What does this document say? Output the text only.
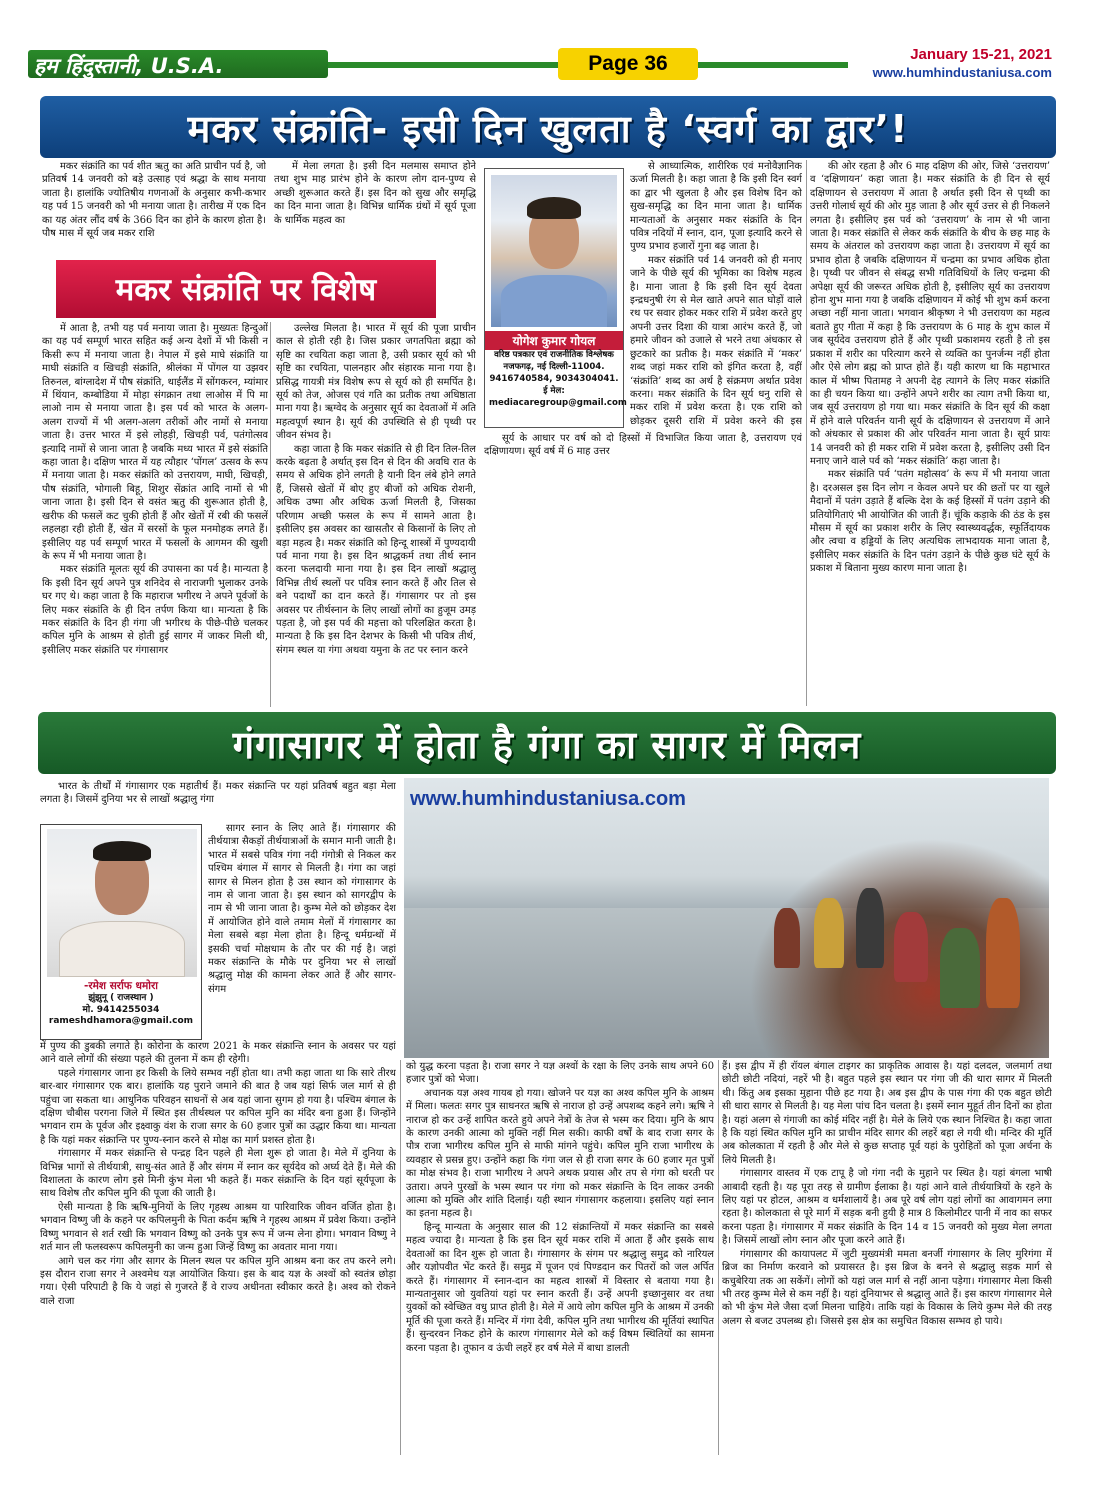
हम हिंदुस्तानी, U.S.A.	Page 36	January 15-21, 2021
www.humhindustaniusa.com
मकर संक्रांति- इसी दिन खुलता है ‘स्वर्ग का द्वार’!

मकर संक्रांति का पर्व शीत ऋतु का अति प्राचीन पर्व है, जो प्रतिवर्ष 14 जनवरी को बड़े उत्साह एवं श्रद्धा के साथ मनाया जाता है। हालांकि ज्योतिषीय गणनाओं के अनुसार कभी-कभार यह पर्व 15 जनवरी को भी मनाया जाता है। तारीख में एक दिन का यह अंतर लौंद वर्ष के 366 दिन का होने के कारण होता है। पौष मास में सूर्य जब मकर राशि

में मेला लगता है। इसी दिन मलमास समाप्त होने तथा शुभ माह प्रारंभ होने के कारण लोग दान-पुण्य से अच्छी शुरूआत करते हैं। इस दिन को सुख और समृद्धि का दिन माना जाता है। विभिन्न धार्मिक ग्रंथों में सूर्य पूजा के धार्मिक महत्व का

मकर संक्रांति पर विशेष

में आता है, तभी यह पर्व मनाया जाता है। मुख्यतः हिन्दुओं का यह पर्व सम्पूर्ण भारत सहित कई अन्य देशों में भी किसी न किसी रूप में मनाया जाता है। नेपाल में इसे माघे संक्रांति या माघी संक्रांति व खिचड़ी संक्रांति, श्रीलंका में पोंगल या उझवर तिरुनल, बांग्लादेश में पौष संक्रांति, थाईलैंड में सोंगकरन, म्यांमार में थिंयान, कम्बोडिया में मोहा संगक्रान तथा लाओस में पि मा लाओ नाम से मनाया जाता है। इस पर्व को भारत के अलग-अलग राज्यों में भी अलग-अलग तरीकों और नामों से मनाया जाता है। उत्तर भारत में इसे लोहड़ी, खिचड़ी पर्व, पतंगोत्सव इत्यादि नामों से जाना जाता है जबकि मध्य भारत में इसे संक्रांति कहा जाता है। दक्षिण भारत में यह त्यौहार ‘पोंगल’ उत्सव के रूप में मनाया जाता है। मकर संक्रांति को उत्तरायण, माघी, खिचड़ी, पौष संक्रांति, भोगाली बिहू, शिशुर सेंक्रांत आदि नामों से भी जाना जाता है। इसी दिन से वसंत ऋतु की शुरूआत होती है, खरीफ की फसलें कट चुकी होती हैं और खेतों में रबी की फसलें लहलहा रही होती हैं, खेत में सरसों के फूल मनमोहक लगते हैं। इसीलिए यह पर्व सम्पूर्ण भारत में फसलों के आगमन की खुशी के रूप में भी मनाया जाता है।

मकर संक्रांति मूलतः सूर्य की उपासना का पर्व है। मान्यता है कि इसी दिन सूर्य अपने पुत्र शनिदेव से नाराजगी भुलाकर उनके घर गए थे। कहा जाता है कि महाराज भगीरथ ने अपने पूर्वजों के लिए मकर संक्रांति के ही दिन तर्पण किया था। मान्यता है कि मकर संक्रांति के दिन ही गंगा जी भगीरथ के पीछे-पीछे चलकर कपिल मुनि के आश्रम से होती हुई सागर में जाकर मिली थी, इसीलिए मकर संक्रांति पर गंगासागर

उल्लेख मिलता है। भारत में सूर्य की पूजा प्राचीन काल से होती रही है। जिस प्रकार जगतपिता ब्रह्मा को सृष्टि का रचयिता कहा जाता है, उसी प्रकार सूर्य को भी सृष्टि का रचयिता, पालनहार और संहारक माना गया है। प्रसिद्ध गायत्री मंत्र विशेष रूप से सूर्य को ही समर्पित है। सूर्य को तेज, ओजस एवं गति का प्रतीक तथा अधिष्ठाता माना गया है। ऋग्वेद के अनुसार सूर्य का देवताओं में अति महत्वपूर्ण स्थान है। सूर्य की उपस्थिति से ही पृथ्वी पर जीवन संभव है।

कहा जाता है कि मकर संक्रांति से ही दिन तिल-तिल करके बढ़ता है अर्थात् इस दिन से दिन की अवधि रात के समय से अधिक होने लगती है यानी दिन लंबे होने लगते हैं, जिससे खेतों में बोए हुए बीजों को अधिक रोशनी, अधिक उष्मा और अधिक ऊर्जा मिलती है, जिसका परिणाम अच्छी फसल के रूप में सामने आता है। इसीलिए इस अवसर का खासतौर से किसानों के लिए तो बड़ा महत्व है। मकर संक्रांति को हिन्दू शास्त्रों में पुण्यदायी पर्व माना गया है। इस दिन श्राद्धकर्म तथा तीर्थ स्नान करना फलदायी माना गया है। इस दिन लाखों श्रद्धालु विभिन्न तीर्थ स्थलों पर पवित्र स्नान करते हैं और तिल से बने पदार्थों का दान करते हैं। गंगासागर पर तो इस अवसर पर तीर्थस्नान के लिए लाखों लोगों का हुजूम उमड़ पड़ता है, जो इस पर्व की महत्ता को परिलक्षित करता है। मान्यता है कि इस दिन देशभर के किसी भी पवित्र तीर्थ, संगम स्थल या गंगा अथवा यमुना के तट पर स्नान करने

योगेश कुमार गोयल
वरिष्ठ पत्रकार एवं राजनीतिक विश्लेषक
नजफगढ़, नई दिल्ली-11004.
9416740584, 9034304041.
ई मेल: mediacaregroup@gmail.com

से आध्यात्मिक, शारीरिक एवं मनोवैज्ञानिक ऊर्जा मिलती है। कहा जाता है कि इसी दिन स्वर्ग का द्वार भी खुलता है और इस विशेष दिन को सुख-समृद्धि का दिन माना जाता है। धार्मिक मान्यताओं के अनुसार मकर संक्रांति के दिन पवित्र नदियों में स्नान, दान, पूजा इत्यादि करने से पुण्य प्रभाव हजारों गुना बढ़ जाता है।

मकर संक्रांति पर्व 14 जनवरी को ही मनाए जाने के पीछे सूर्य की भूमिका का विशेष महत्व है। माना जाता है कि इसी दिन सूर्य देवता इन्द्रधनुषी रंग से मेल खाते अपने सात घोड़ों वाले रथ पर सवार होकर मकर राशि में प्रवेश करते हुए अपनी उत्तर दिशा की यात्रा आरंभ करते हैं, जो हमारे जीवन को उजाले से भरने तथा अंधकार से छुटकारे का प्रतीक है। मकर संक्रांति में ‘मकर’ शब्द जहां मकर राशि को इंगित करता है, वहीं ‘संक्रांति’ शब्द का अर्थ है संक्रमण अर्थात प्रवेश करना। मकर संक्रांति के दिन सूर्य धनु राशि से मकर राशि में प्रवेश करता है। एक राशि को छोड़कर दूसरी राशि में प्रवेश करने की इस

सूर्य के आधार पर वर्ष को दो हिस्सों में विभाजित किया जाता है, उत्तरायण एवं दक्षिणायण। सूर्य वर्ष में 6 माह उत्तर

की ओर रहता है और 6 माह दक्षिण की ओर, जिसे ‘उत्तरायण’ व ‘दक्षिणायन’ कहा जाता है। मकर संक्रांति के ही दिन से सूर्य दक्षिणायन से उत्तरायण में आता है अर्थात इसी दिन से पृथ्वी का उत्तरी गोलार्ध सूर्य की ओर मुड़ जाता है और सूर्य उत्तर से ही निकलने लगता है। इसीलिए इस पर्व को ‘उत्तरायण’ के नाम से भी जाना जाता है। मकर संक्रांति से लेकर कर्क संक्रांति के बीच के छह माह के समय के अंतराल को उत्तरायण कहा जाता है। उत्तरायण में सूर्य का प्रभाव होता है जबकि दक्षिणायन में चन्द्रमा का प्रभाव अधिक होता है। पृथ्वी पर जीवन से संबद्ध सभी गतिविधियों के लिए चन्द्रमा की अपेक्षा सूर्य की जरूरत अधिक होती है, इसीलिए सूर्य का उत्तरायण होना शुभ माना गया है जबकि दक्षिणायन में कोई भी शुभ कर्म करना अच्छा नहीं माना जाता। भगवान श्रीकृष्ण ने भी उत्तरायण का महत्व बताते हुए गीता में कहा है कि उत्तरायण के 6 माह के शुभ काल में जब सूर्यदेव उत्तरायण होते हैं और पृथ्वी प्रकाशमय रहती है तो इस प्रकाश में शरीर का परित्याग करने से व्यक्ति का पुनर्जन्म नहीं होता और ऐसे लोग ब्रह्म को प्राप्त होते हैं। यही कारण था कि महाभारत काल में भीष्म पितामह ने अपनी देह त्यागने के लिए मकर संक्रांति का ही चयन किया था। उन्होंने अपने शरीर का त्याग तभी किया था, जब सूर्य उत्तरायण हो गया था। मकर संक्रांति के दिन सूर्य की कक्षा में होने वाले परिवर्तन यानी सूर्य के दक्षिणायन से उत्तरायण में आने को अंधकार से प्रकाश की ओर परिवर्तन माना जाता है। सूर्य प्रायः 14 जनवरी को ही मकर राशि में प्रवेश करता है, इसीलिए उसी दिन मनाए जाने वाले पर्व को ‘मकर संक्रांति’ कहा जाता है।

मकर संक्रांति पर्व ‘पतंग महोत्सव’ के रूप में भी मनाया जाता है। दरअसल इस दिन लोग न केवल अपने घर की छतों पर या खुले मैदानों में पतंग उड़ाते हैं बल्कि देश के कई हिस्सों में पतंग उड़ाने की प्रतियोगिताएं भी आयोजित की जाती हैं। चूंकि कड़ाके की ठंड के इस मौसम में सूर्य का प्रकाश शरीर के लिए स्वास्थ्यवर्द्धक, स्फूर्तिदायक और त्वचा व हड्डियों के लिए अत्यधिक लाभदायक माना जाता है, इसीलिए मकर संक्रांति के दिन पतंग उड़ाने के पीछे कुछ घंटे सूर्य के प्रकाश में बिताना मुख्य कारण माना जाता है।

गंगासागर में होता है गंगा का सागर में मिलन

भारत के तीर्थों में गंगासागर एक महातीर्थ हैं। मकर संक्रान्ति पर यहां प्रतिवर्ष बहुत बड़ा मेला लगता है। जिसमें दुनिया भर से लाखों श्रद्धालु गंगा

-रमेश सर्राफ धमोरा
झुंझुनू ( राजस्थान )
मो. 9414255034
rameshdhamora@gmail.com

सागर स्नान के लिए आते हैं। गंगासागर की तीर्थयात्रा सैकड़ों तीर्थयात्राओं के समान मानी जाती है। भारत में सबसे पवित्र गंगा नदी गंगोत्री से निकल कर पश्चिम बंगाल में सागर से मिलती है। गंगा का जहां सागर से मिलन होता है उस स्थान को गंगासागर के नाम से जाना जाता है। इस स्थान को सागरद्वीप के नाम से भी जाना जाता है। कुम्भ मेले को छोड़कर देश में आयोजित होने वाले तमाम मेलों में गंगासागर का मेला सबसे बड़ा मेला होता है। हिन्दू धर्मग्रन्थों में इसकी चर्चा मोक्षधाम के तौर पर की गई है। जहां मकर संक्रान्ति के मौके पर दुनिया भर से लाखों श्रद्धालु मोक्ष की कामना लेकर आते हैं और सागर-संगम

www.humhindustaniusa.com

में पुण्य की डुबकी लगाते है। कोरोना के कारण 2021 के मकर संक्रान्ति स्नान के अवसर पर यहां आने वाले लोगों की संख्या पहले की तुलना में कम ही रहेगी।

पहले गंगासागर जाना हर किसी के लिये सम्भव नहीं होता था। तभी कहा जाता था कि सारे तीरथ बार-बार गंगासागर एक बार। हालांकि यह पुराने जमाने की बात है जब यहां सिर्फ जल मार्ग से ही पहुंचा जा सकता था। आधुनिक परिवहन साधनों से अब यहां जाना सुगम हो गया है। पश्चिम बंगाल के दक्षिण चौबीस परगना जिले में स्थित इस तीर्थस्थल पर कपिल मुनि का मंदिर बना हुआ हैं। जिन्होंने भगवान राम के पूर्वज और इक्ष्वाकु वंश के राजा सगर के 60 हजार पुत्रों का उद्धार किया था। मान्यता है कि यहां मकर संक्रान्ति पर पुण्य-स्नान करने से मोक्ष का मार्ग प्रशस्त होता है।

गंगासागर में मकर संक्रान्ति से पन्द्रह दिन पहले ही मेला शुरू हो जाता है। मेले में दुनिया के विभिन्न भागों से तीर्थयात्री, साधु-संत आते हैं और संगम में स्नान कर सूर्यदेव को अर्घ्य देते हैं। मेले की विशालता के कारण लोग इसे मिनी कुंभ मेला भी कहते हैं। मकर संक्रान्ति के दिन यहां सूर्यपूजा के साथ विशेष तौर कपिल मुनि की पूजा की जाती है।

ऐसी मान्यता है कि ऋषि-मुनियों के लिए गृहस्थ आश्रम या पारिवारिक जीवन वर्जित होता है। भगवान विष्णु जी के कहने पर कपिलमुनी के पिता कर्दम ऋषि ने गृहस्थ आश्रम में प्रवेश किया। उन्होंने विष्णु भगवान से शर्त रखी कि भगवान विष्णु को उनके पुत्र रूप में जन्म लेना होगा। भगवान विष्णु ने शर्त मान ली फलस्वरूप कपिलमुनी का जन्म हुआ जिन्हें विष्णु का अवतार माना गया।

आगे चल कर गंगा और सागर के मिलन स्थल पर कपिल मुनि आश्रम बना कर तप करने लगे। इस दौरान राजा सगर ने अश्वमेध यज्ञ आयोजित किया। इस के बाद यज्ञ के अश्वों को स्वतंत्र छोड़ा गया। ऐसी परिपाटी है कि ये जहां से गुजरते हैं वे राज्य अधीनता स्वीकार करते है। अश्व को रोकने वाले राजा

को युद्ध करना पड़ता है। राजा सगर ने यज्ञ अश्वों के रक्षा के लिए उनके साथ अपने 60 हजार पुत्रों को भेजा।

अचानक यज्ञ अश्व गायब हो गया। खोजने पर यज्ञ का अश्व कपिल मुनि के आश्रम में मिला। फलतः सगर पुत्र साधनरत ऋषि से नाराज हो उन्हें अपशब्द कहने लगे। ऋषि ने नाराज हो कर उन्हें शापित करते हुये अपने नेत्रों के तेज से भस्म कर दिया। मुनि के श्राप के कारण उनकी आत्मा को मुक्ति नहीं मिल सकी। काफी वर्षों के बाद राजा सगर के पौत्र राजा भागीरथ कपिल मुनि से माफी मांगने पहुंचे। कपिल मुनि राजा भागीरथ के व्यवहार से प्रसन्न हुए। उन्होंने कहा कि गंगा जल से ही राजा सगर के 60 हजार मृत पुत्रों का मोक्ष संभव है। राजा भागीरथ ने अपने अथक प्रयास और तप से गंगा को धरती पर उतारा। अपने पुरखों के भस्म स्थान पर गंगा को मकर संक्रान्ति के दिन लाकर उनकी आत्मा को मुक्ति और शांति दिलाई। यही स्थान गंगासागर कहलाया। इसलिए यहां स्नान का इतना महत्व है।

हिन्दू मान्यता के अनुसार साल की 12 संक्रान्तियों में मकर संक्रान्ति का सबसे महत्व ज्यादा है। मान्यता है कि इस दिन सूर्य मकर राशि में आता हैं और इसके साथ देवताओं का दिन शुरू हो जाता है। गंगासागर के संगम पर श्रद्धालु समुद्र को नारियल और यज्ञोपवीत भेंट करते हैं। समुद्र में पूजन एवं पिण्डदान कर पितरों को जल अर्पित करते हैं। गंगासागर में स्नान-दान का महत्व शास्त्रों में विस्तार से बताया गया है। मान्यतानुसार जो युवतियां यहां पर स्नान करती हैं। उन्हें अपनी इच्छानुसार वर तथा युवकों को स्वेच्छित वधु प्राप्त होती है। मेले में आये लोग कपिल मुनि के आश्रम में उनकी मूर्ति की पूजा करते हैं। मन्दिर में गंगा देवी, कपिल मुनि तथा भागीरथ की मूर्तियां स्थापित हैं। सुन्दरवन निकट होने के कारण गंगासागर मेले को कई विषम स्थितियों का सामना करना पड़ता है। तूफान व ऊंची लहरें हर वर्ष मेले में बाधा डालती

हैं। इस द्वीप में ही रॉयल बंगाल टाइगर का प्राकृतिक आवास है। यहां दलदल, जलमार्ग तथा छोटी छोटी नदियां, नहरें भी है। बहुत पहले इस स्थान पर गंगा जी की धारा सागर में मिलती थी। किंतु अब इसका मुहाना पीछे हट गया है। अब इस द्वीप के पास गंगा की एक बहुत छोटी सी धारा सागर से मिलती है। यह मेला पांच दिन चलता है। इसमें स्नान मुहूर्त तीन दिनों का होता है। यहां अलग से गंगाजी का कोई मंदिर नहीं है। मेले के लिये एक स्थान निश्चित है। कहा जाता है कि यहां स्थित कपिल मुनि का प्राचीन मंदिर सागर की लहरें बहा ले गयी थी। मन्दिर की मूर्ति अब कोलकाता में रहती है और मेले से कुछ सप्ताह पूर्व यहां के पुरोहितों को पूजा अर्चना के लिये मिलती है।

गंगासागर वास्तव में एक टापू है जो गंगा नदी के मुहाने पर स्थित है। यहां बंगला भाषी आबादी रहती है। यह पूरा तरह से ग्रामीण ईलाका है। यहां आने वाले तीर्थयात्रियों के रहने के लिए यहां पर होटल, आश्रम व धर्मशालायें है। अब पूरे वर्ष लोग यहां लोगों का आवागमन लगा रहता है। कोलकाता से पूरे मार्ग में सड़क बनी हुयी है मात्र 8 किलोमीटर पानी में नाव का सफर करना पड़ता है। गंगासागर में मकर संक्रांति के दिन 14 व 15 जनवरी को मुख्य मेला लगता है। जिसमें लाखों लोग स्नान और पूजा करने आते हैं।

गंगासागर की कायापलट में जुटी मुख्यमंत्री ममता बनर्जी गंगासागर के लिए मुरिगंगा में ब्रिज का निर्माण करवाने को प्रयासरत है। इस ब्रिज के बनने से श्रद्धालु सड़क मार्ग से कचुबेरिया तक आ सकेंगें। लोगों को यहां जल मार्ग से नहीं आना पड़ेगा। गंगासागर मेला किसी भी तरह कुम्भ मेले से कम नहीं है। यहां दुनियाभर से श्रद्धालु आते हैं। इस कारण गंगासागर मेले को भी कुंभ मेले जैसा दर्जा मिलना चाहिये। ताकि यहां के विकास के लिये कुम्भ मेले की तरह अलग से बजट उपलब्ध हो। जिससे इस क्षेत्र का समुचित विकास सम्भव हो पाये।
